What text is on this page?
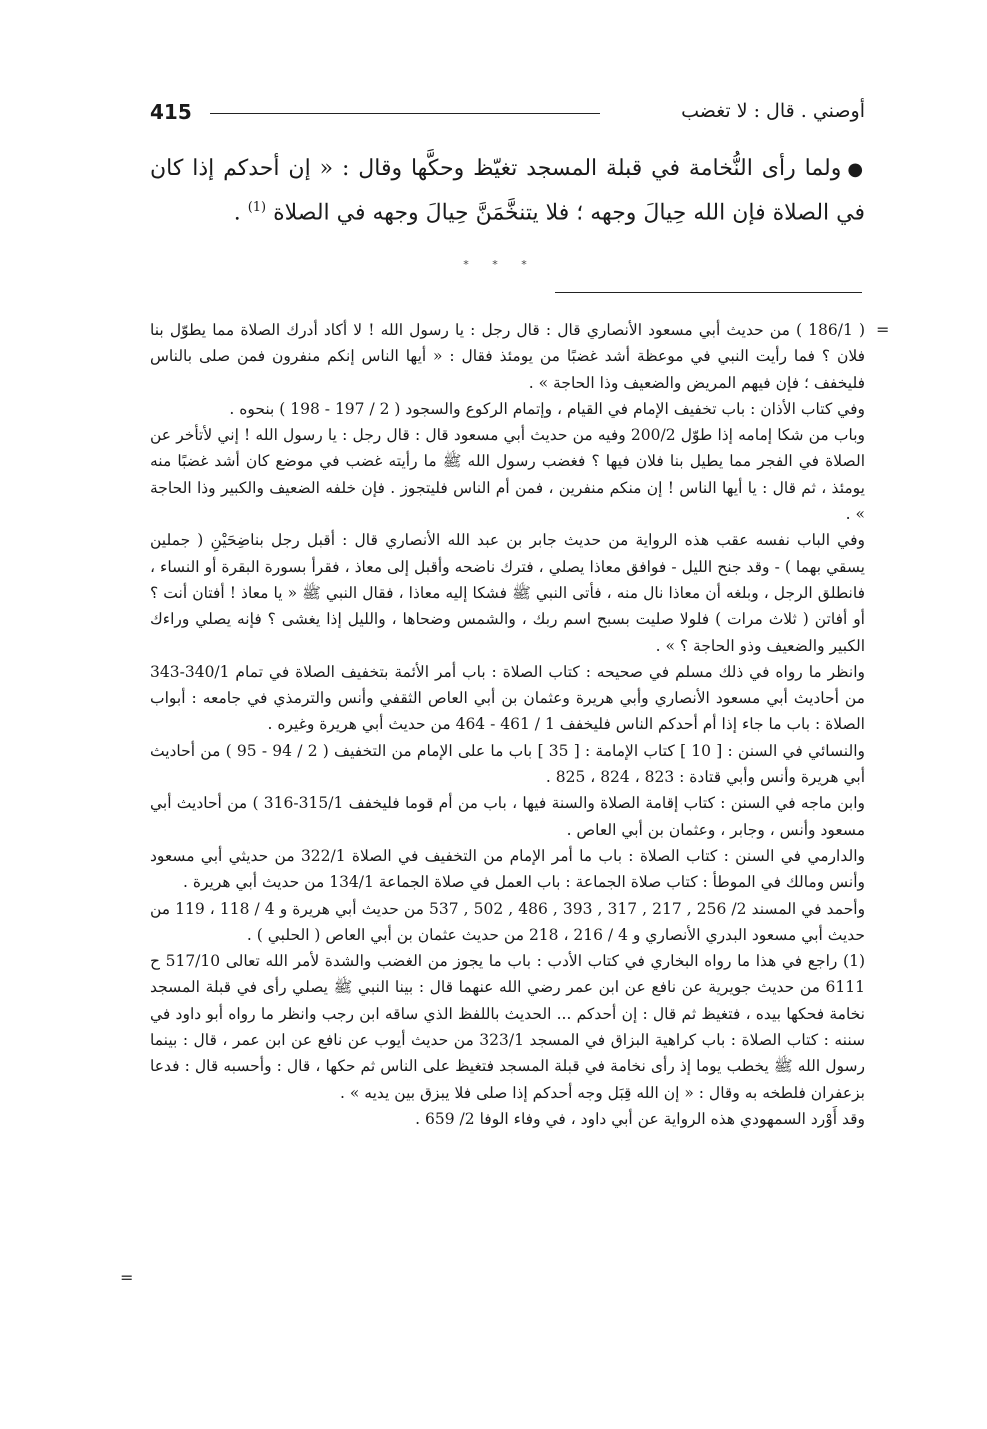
415	أوصني . قال : لا تغضب
●ولما رأى النُّخامة في قبلة المسجد تغيّظ وحكَّها وقال : « إن أحدكم إذا كان في الصلاة فإن الله حِيالَ وجهه ؛ فلا يتنخَّمَنَّ حِيالَ وجهه في الصلاة $^{(1)}$ .
* * *
=

( 186/1 ) من حديث أبي مسعود الأنصاري قال : قال رجل : يا رسول الله ! لا أكاد أدرك الصلاة مما يطوّل بنا فلان ؟ فما رأيت النبي في موعظة أشد غضبًا من يومئذ فقال : « أيها الناس إنكم منفرون فمن صلى بالناس فليخفف ؛ فإن فيهم المريض والضعيف وذا الحاجة » .

وفي كتاب الأذان : باب تخفيف الإمام في القيام ، وإتمام الركوع والسجود ( 2 / 197 - 198 ) بنحوه .

وباب من شكا إمامه إذا طوّل 200/2 وفيه من حديث أبي مسعود قال : قال رجل : يا رسول الله ! إني لأتأخر عن الصلاة في الفجر مما يطيل بنا فلان فيها ؟ فغضب رسول الله ﷺ ما رأيته غضب في موضع كان أشد غضبًا منه يومئذ ، ثم قال : يا أيها الناس ! إن منكم منفرين ، فمن أم الناس فليتجوز . فإن خلفه الضعيف والكبير وذا الحاجة » .

وفي الباب نفسه عقب هذه الرواية من حديث جابر بن عبد الله الأنصاري قال : أقبل رجل بناضِحَيْنِ ( جملين يسقي بهما ) - وقد جنح الليل - فوافق معاذا يصلي ، فترك ناضحه وأقبل إلى معاذ ، فقرأ بسورة البقرة أو النساء ، فانطلق الرجل ، وبلغه أن معاذا نال منه ، فأتى النبي ﷺ فشكا إليه معاذا ، فقال النبي ﷺ « يا معاذ ! أفتان أنت ؟ أو أفاتن ( ثلاث مرات ) فلولا صليت بسبح اسم ربك ، والشمس وضحاها ، والليل إذا يغشى ؟ فإنه يصلي وراءك الكبير والضعيف وذو الحاجة ؟ » .

وانظر ما رواه في ذلك مسلم في صحيحه : كتاب الصلاة : باب أمر الأئمة بتخفيف الصلاة في تمام 340/1-343 من أحاديث أبي مسعود الأنصاري وأبي هريرة وعثمان بن أبي العاص الثقفي وأنس والترمذي في جامعه : أبواب الصلاة : باب ما جاء إذا أم أحدكم الناس فليخفف 1 / 461 - 464 من حديث أبي هريرة وغيره .

والنسائي في السنن : [ 10 ] كتاب الإمامة : [ 35 ] باب ما على الإمام من التخفيف ( 2 / 94 - 95 ) من أحاديث أبي هريرة وأنس وأبي قتادة : 823 ، 824 ، 825 .

وابن ماجه في السنن : كتاب إقامة الصلاة والسنة فيها ، باب من أم قوما فليخفف 315/1-316 ) من أحاديث أبي مسعود وأنس ، وجابر ، وعثمان بن أبي العاص .

والدارمي في السنن : كتاب الصلاة : باب ما أمر الإمام من التخفيف في الصلاة 322/1 من حديثي أبي مسعود وأنس ومالك في الموطأ : كتاب صلاة الجماعة : باب العمل في صلاة الجماعة 134/1 من حديث أبي هريرة .

وأحمد في المسند 2/ 256 , 217 , 317 , 393 , 486 , 502 , 537 من حديث أبي هريرة و 4 / 118 ، 119 من حديث أبي مسعود البدري الأنصاري و 4 / 216 ، 218 من حديث عثمان بن أبي العاص ( الحلبي ) .

(1) راجع في هذا ما رواه البخاري في كتاب الأدب : باب ما يجوز من الغضب والشدة لأمر الله تعالى 517/10 ح 6111 من حديث جويرية عن نافع عن ابن عمر رضي الله عنهما قال : بينا النبي ﷺ يصلي رأى في قبلة المسجد نخامة فحكها بيده ، فتغيظ ثم قال : إن أحدكم ... الحديث باللفظ الذي ساقه ابن رجب وانظر ما رواه أبو داود في سننه : كتاب الصلاة : باب كراهية البزاق في المسجد 323/1 من حديث أيوب عن نافع عن ابن عمر ، قال : بينما رسول الله ﷺ يخطب يوما إذ رأى نخامة في قبلة المسجد فتغيظ على الناس ثم حكها ، قال : وأحسبه قال : فدعا بزعفران فلطخه به وقال : « إن الله قِبَل وجه أحدكم إذا صلى فلا يبزق بين يديه » .

وقد أَوْرد السمهودي هذه الرواية عن أبي داود ، في وفاء الوفا 2/ 659 .

=
